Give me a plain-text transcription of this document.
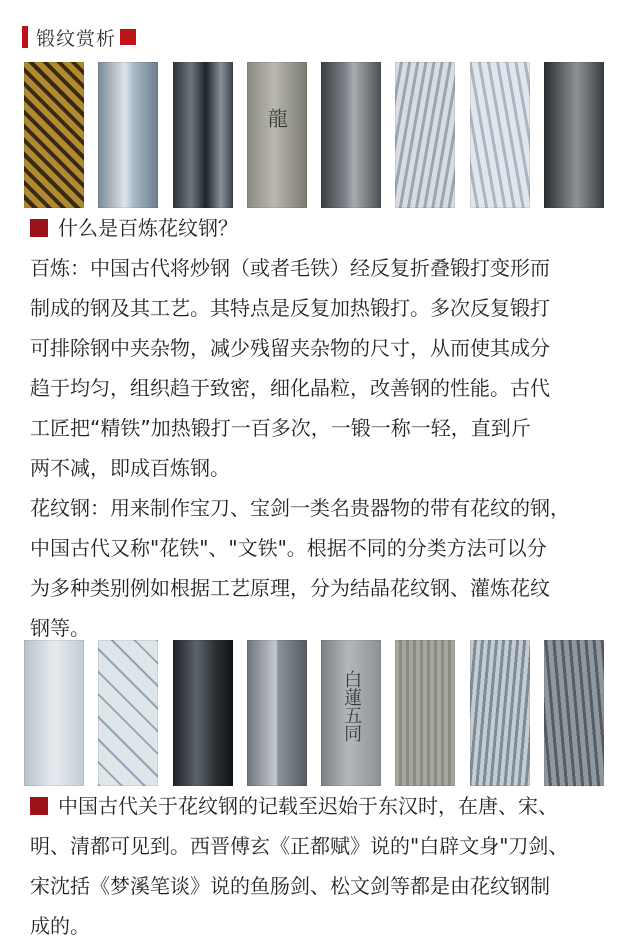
锻纹赏析
龍

什么是百炼花纹钢？

百炼：中国古代将炒钢（或者毛铁）经反复折叠锻打变形而

制成的钢及其工艺。其特点是反复加热锻打。多次反复锻打

可排除钢中夹杂物，减少残留夹杂物的尺寸，从而使其成分

趋于均匀，组织趋于致密，细化晶粒，改善钢的性能。古代

工匠把“精铁”加热锻打一百多次，一锻一称一轻，直到斤

两不减，即成百炼钢。

花纹钢：用来制作宝刀、宝剑一类名贵器物的带有花纹的钢，

中国古代又称"花铁"、"文铁"。根据不同的分类方法可以分

为多种类别例如根据工艺原理，分为结晶花纹钢、灌炼花纹

钢等。

白蓮五同

中国古代关于花纹钢的记载至迟始于东汉时，在唐、宋、

明、清都可见到。西晋傅玄《正都赋》说的"白辟文身"刀剑、

宋沈括《梦溪笔谈》说的鱼肠剑、松文剑等都是由花纹钢制

成的。
